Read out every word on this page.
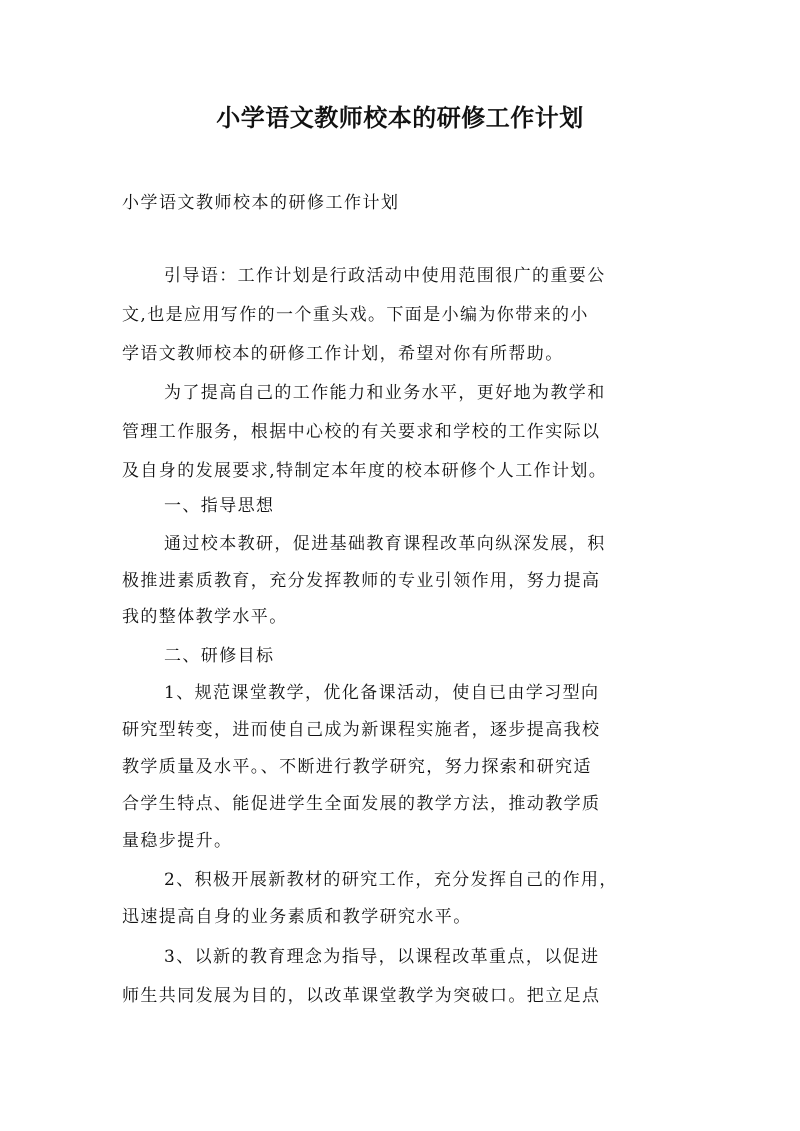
小学语文教师校本的研修工作计划
小学语文教师校本的研修工作计划
引导语：工作计划是行政活动中使用范围很广的重要公
文,也是应用写作的一个重头戏。下面是小编为你带来的小
学语文教师校本的研修工作计划，希望对你有所帮助。
为了提高自己的工作能力和业务水平，更好地为教学和
管理工作服务，根据中心校的有关要求和学校的工作实际以
及自身的发展要求,特制定本年度的校本研修个人工作计划。
一、指导思想
通过校本教研，促进基础教育课程改革向纵深发展，积
极推进素质教育，充分发挥教师的专业引领作用，努力提高
我的整体教学水平。
二、研修目标
1、规范课堂教学，优化备课活动，使自已由学习型向
研究型转变，进而使自己成为新课程实施者，逐步提高我校
教学质量及水平。、不断进行教学研究，努力探索和研究适
合学生特点、能促进学生全面发展的教学方法，推动教学质
量稳步提升。
2、积极开展新教材的研究工作，充分发挥自己的作用，
迅速提高自身的业务素质和教学研究水平。
3、以新的教育理念为指导，以课程改革重点，以促进
师生共同发展为目的，以改革课堂教学为突破口。把立足点
